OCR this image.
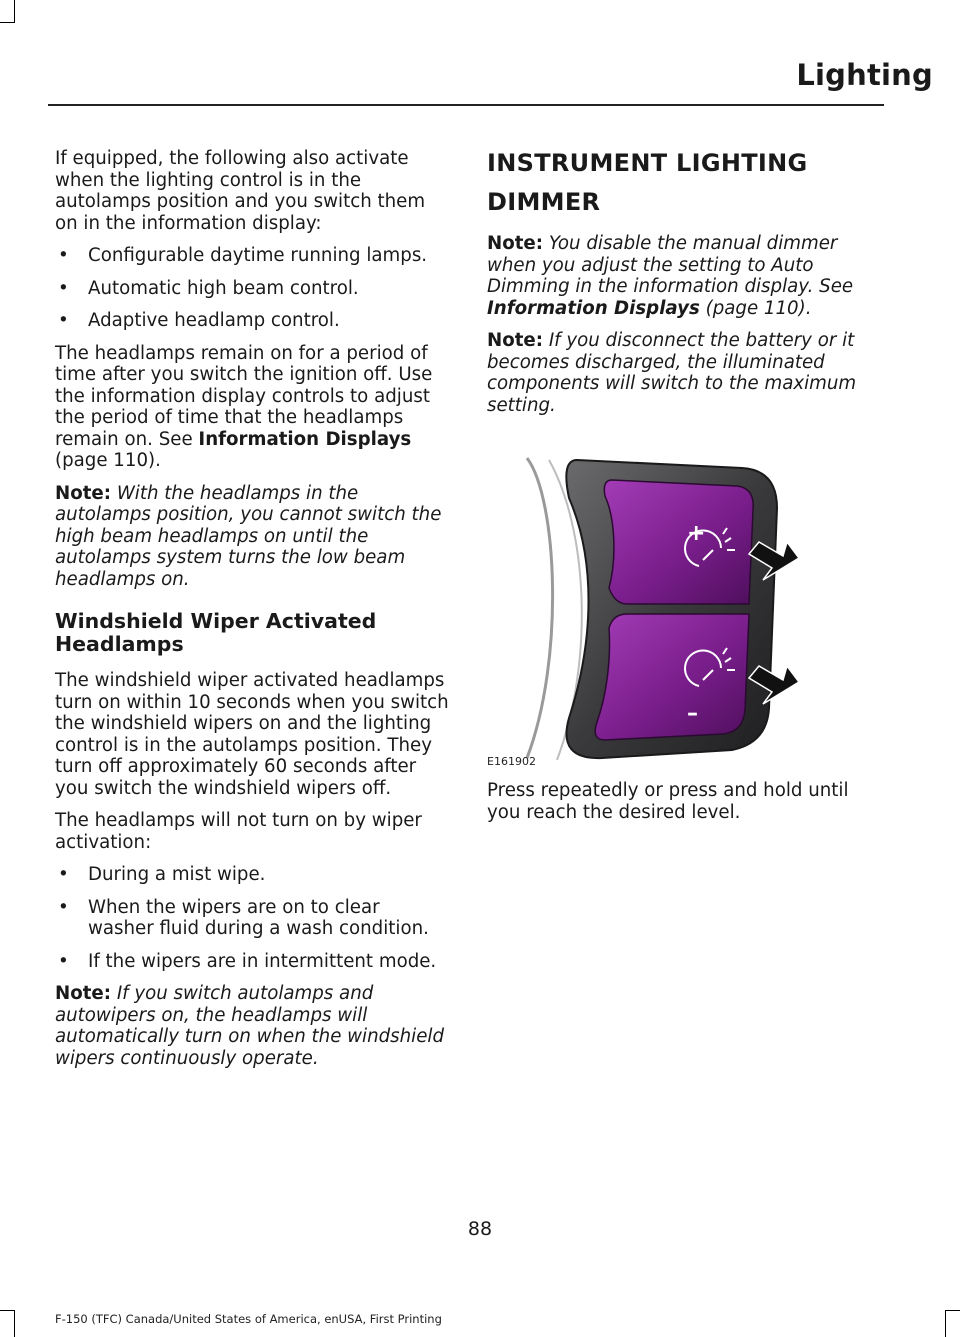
Lighting

If equipped, the following also activate when the lighting control is in the autolamps position and you switch them on in the information display:

• Configurable daytime running lamps.
• Automatic high beam control.
• Adaptive headlamp control.

The headlamps remain on for a period of time after you switch the ignition off. Use the information display controls to adjust the period of time that the headlamps remain on. See Information Displays (page 110).

Note: With the headlamps in the autolamps position, you cannot switch the high beam headlamps on until the autolamps system turns the low beam headlamps on.

Windshield Wiper Activated Headlamps

The windshield wiper activated headlamps turn on within 10 seconds when you switch the windshield wipers on and the lighting control is in the autolamps position. They turn off approximately 60 seconds after you switch the windshield wipers off.

The headlamps will not turn on by wiper activation:

• During a mist wipe.
• When the wipers are on to clear washer fluid during a wash condition.
• If the wipers are in intermittent mode.

Note: If you switch autolamps and autowipers on, the headlamps will automatically turn on when the windshield wipers continuously operate.

INSTRUMENT LIGHTING
DIMMER

Note: You disable the manual dimmer when you adjust the setting to Auto Dimming in the information display. See Information Displays (page 110).

Note: If you disconnect the battery or it becomes discharged, the illuminated components will switch to the maximum setting.

+
–
E161902

Press repeatedly or press and hold until you reach the desired level.

88
F-150 (TFC) Canada/United States of America, enUSA, First Printing
